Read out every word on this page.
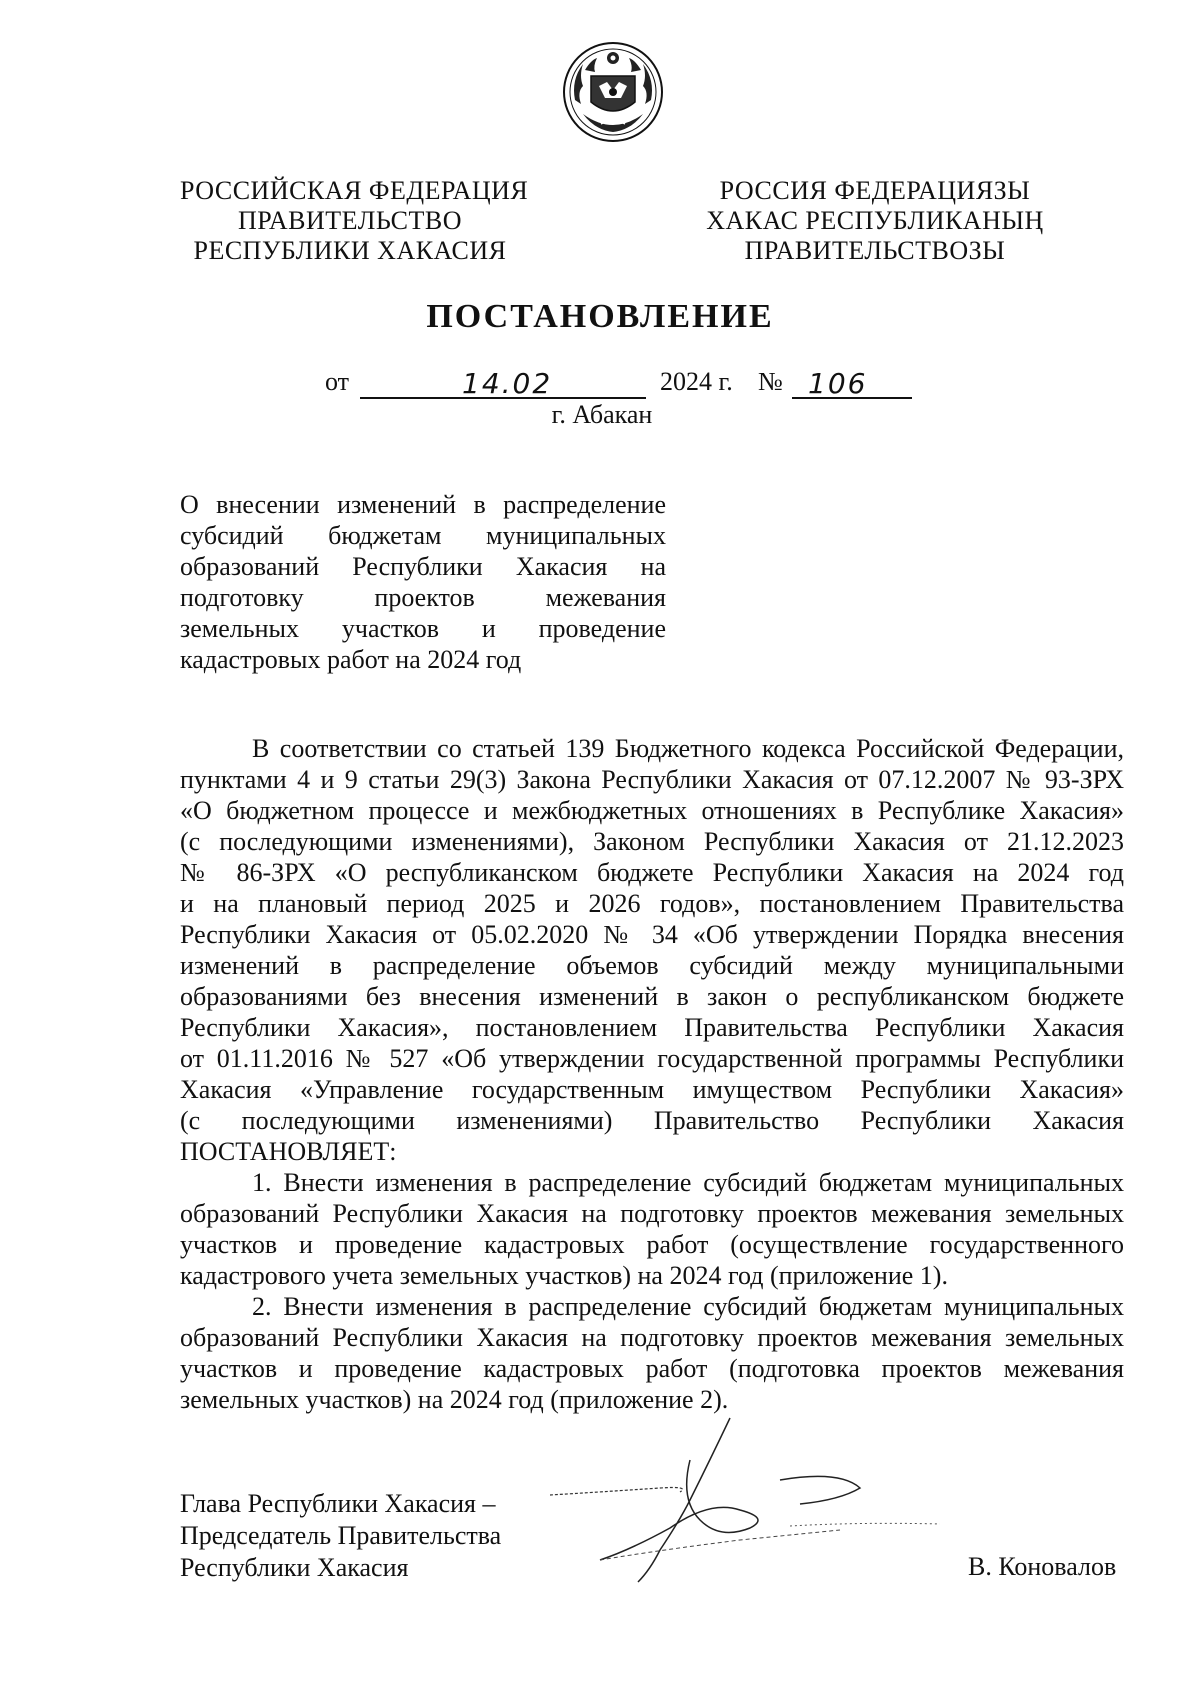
РОССИЙСКАЯ ФЕДЕРАЦИЯ
ПРАВИТЕЛЬСТВО
РЕСПУБЛИКИ ХАКАСИЯ
РОССИЯ ФЕДЕРАЦИЯЗЫ
ХАКАС РЕСПУБЛИКАНЫҢ
ПРАВИТЕЛЬСТВОЗЫ
ПОСТАНОВЛЕНИЕ
от	14.02	2024 г. № 106
г. Абакан
О внесении изменений в распределение
субсидий бюджетам муниципальных
образований Республики Хакасия на
подготовку проектов межевания
земельных участков и проведение
кадастровых работ на 2024 год
В соответствии со статьей 139 Бюджетного кодекса Российской Федерации,
пунктами 4 и 9 статьи 29(3) Закона Республики Хакасия от 07.12.2007 № 93-ЗРХ
«О бюджетном процессе и межбюджетных отношениях в Республике Хакасия»
(с последующими изменениями), Законом Республики Хакасия от 21.12.2023
№ 86-ЗРХ «О республиканском бюджете Республики Хакасия на 2024 год
и на плановый период 2025 и 2026 годов», постановлением Правительства
Республики Хакасия от 05.02.2020 № 34 «Об утверждении Порядка внесения
изменений в распределение объемов субсидий между муниципальными
образованиями без внесения изменений в закон о республиканском бюджете
Республики Хакасия», постановлением Правительства Республики Хакасия
от 01.11.2016 № 527 «Об утверждении государственной программы Республики
Хакасия «Управление государственным имуществом Республики Хакасия»
(с последующими изменениями) Правительство Республики Хакасия
ПОСТАНОВЛЯЕТ:
1. Внести изменения в распределение субсидий бюджетам муниципальных
образований Республики Хакасия на подготовку проектов межевания земельных
участков и проведение кадастровых работ (осуществление государственного
кадастрового учета земельных участков) на 2024 год (приложение 1).
2. Внести изменения в распределение субсидий бюджетам муниципальных
образований Республики Хакасия на подготовку проектов межевания земельных
участков и проведение кадастровых работ (подготовка проектов межевания
земельных участков) на 2024 год (приложение 2).
Глава Республики Хакасия –
Председатель Правительства
Республики Хакасия	В. Коновалов
